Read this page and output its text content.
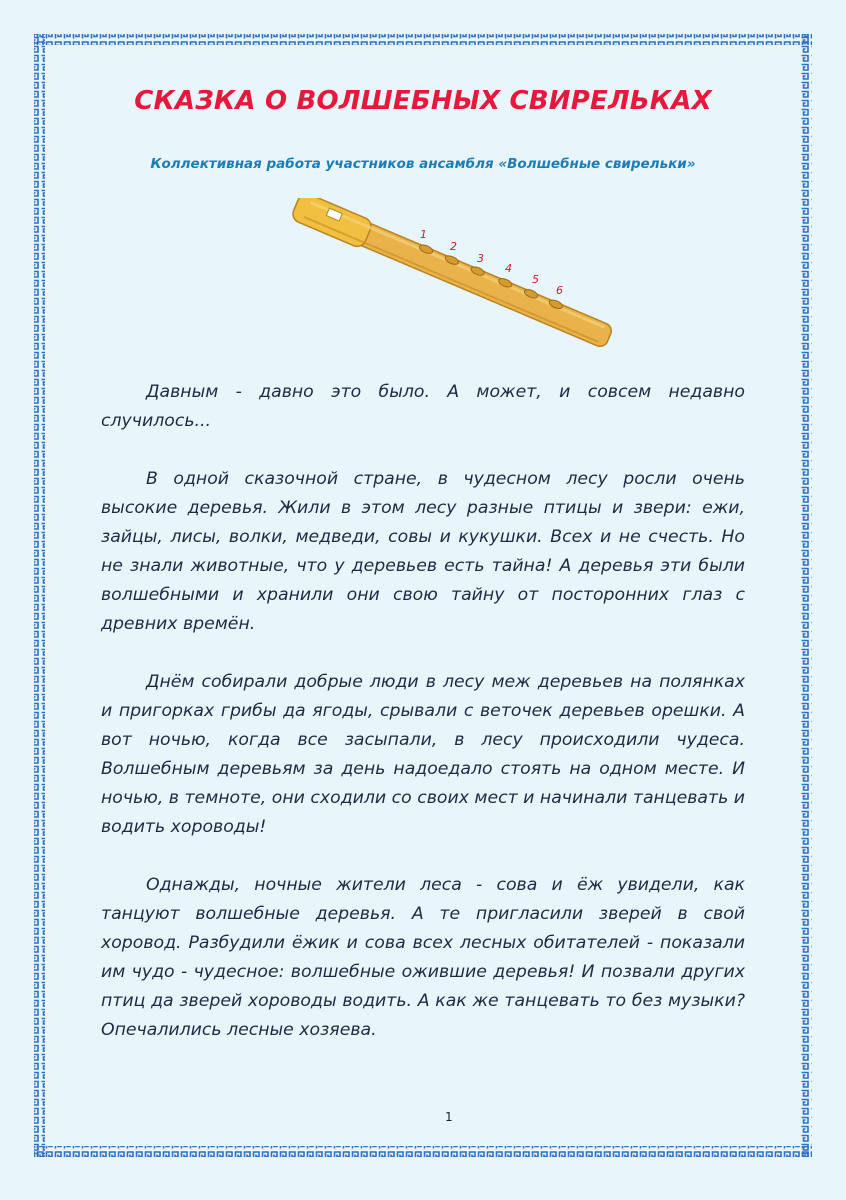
СКАЗКА О ВОЛШЕБНЫХ СВИРЕЛЬКАХ
Коллективная работа участников ансамбля «Волшебные свирельки»
1
2
3
4
5
6

Давным - давно это было. А может, и совсем недавно случилось...

В одной сказочной стране, в чудесном лесу росли очень высокие деревья. Жили в этом лесу разные птицы и звери: ежи, зайцы, лисы, волки, медведи, совы и кукушки. Всех и не счесть. Но не знали животные, что у деревьев есть тайна! А деревья эти были волшебными и хранили они свою тайну от посторонних глаз с древних времён.

Днём собирали добрые люди в лесу меж деревьев на полянках и пригорках грибы да ягоды, срывали с веточек деревьев орешки. А вот ночью, когда все засыпали, в лесу происходили чудеса. Волшебным деревьям за день надоедало стоять на одном месте. И ночью, в темноте, они сходили со своих мест и начинали танцевать и водить хороводы!

Однажды, ночные жители леса - сова и ёж увидели, как танцуют волшебные деревья. А те пригласили зверей в свой хоровод. Разбудили ёжик и сова всех лесных обитателей - показали им чудо - чудесное: волшебные ожившие деревья! И позвали других птиц да зверей хороводы водить. А как же танцевать то без музыки? Опечалились лесные хозяева.

1
